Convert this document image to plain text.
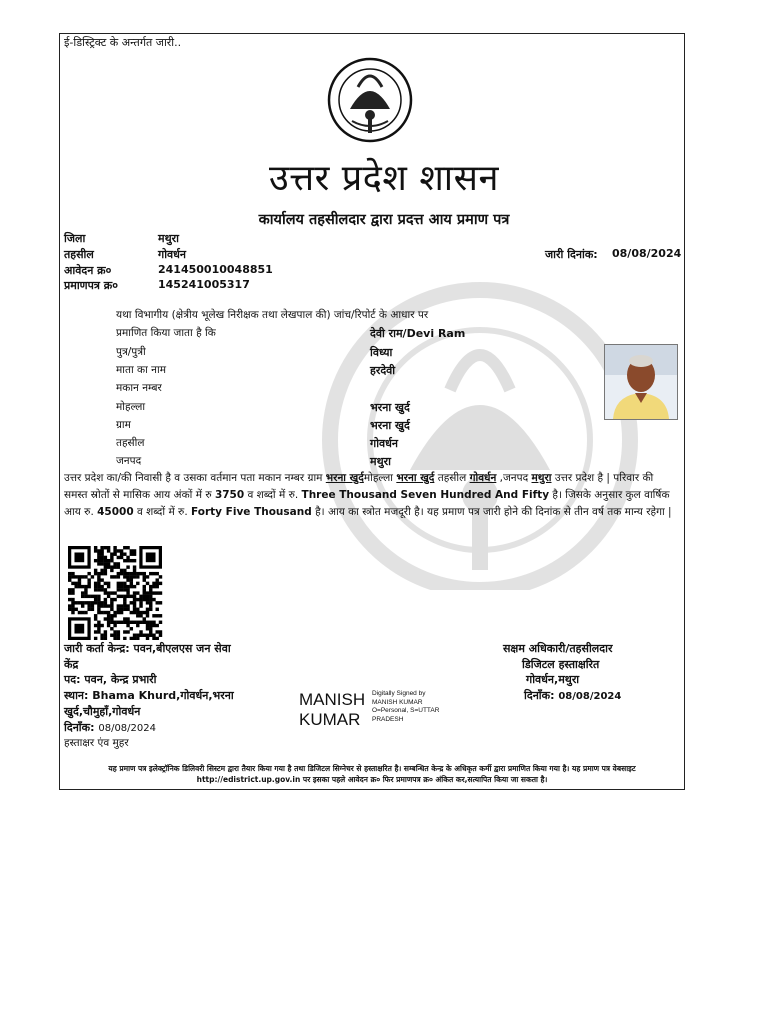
ई-डिस्ट्रिक्ट के अन्तर्गत जारी..
उत्तर प्रदेश शासन
कार्यालय तहसीलदार द्वारा प्रदत्त आय प्रमाण पत्र
जिला	मथुरा
तहसील	गोवर्धन
आवेदन क्र०	241450010048851
प्रमाणपत्र क्र०	145241005317
जारी दिनांक: 08/08/2024
यथा विभागीय (क्षेत्रीय भूलेख निरीक्षक तथा लेखपाल की) जांच/रिपोर्ट के आधार पर
प्रमाणित किया जाता है कि	देवी राम/Devi Ram
पुत्र/पुत्री	विध्या
माता का नाम	हरदेवी
मकान नम्बर
मोहल्ला	भरना खुर्द
ग्राम	भरना खुर्द
तहसील	गोवर्धन
जनपद	मथुरा
उत्तर प्रदेश का/की निवासी है व उसका वर्तमान पता मकान नम्बर ग्राम भरना खुर्दमोहल्ला भरना खुर्द तहसील गोवर्धन ,जनपद मथुरा उत्तर प्रदेश है | परिवार की समस्त स्रोतों से मासिक आय अंकों में रु 3750 व शब्दों में रु. Three Thousand Seven Hundred And Fifty है। जिसके अनुसार कुल वार्षिक आय रु. 45000 व शब्दों में रु. Forty Five Thousand है। आय का स्त्रोत मजदूरी है। यह प्रमाण पत्र जारी होने की दिनांक से तीन वर्ष तक मान्य रहेगा |
जारी कर्ता केन्द्र: पवन,बीएलएस जन सेवा
केंद्र
पद: पवन, केन्द्र प्रभारी
स्थान: Bhama Khurd,गोवर्धन,भरना
खुर्द,चौमुहाँ,गोवर्धन
दिनाँक: 08/08/2024
हस्ताक्षर एंव मुहर
सक्षम अधिकारी/तहसीलदार
डिजिटल हस्ताक्षरित
गोवर्धन,मथुरा
दिनाँक: 08/08/2024
MANISH
KUMAR
Digitally Signed by
MANISH KUMAR
O=Personal, S=UTTAR
PRADESH
यह प्रमाण पत्र इलेक्ट्रॉनिक डिलिवरी सिस्टम द्वारा तैयार किया गया है तथा डिजिटल सिग्नेचर से हस्ताक्षरित है। सम्बन्धित केन्द्र के अधिकृत कर्मी द्वारा प्रमाणित किया गया है। यह प्रमाण पत्र वेबसाइट http://edistrict.up.gov.in पर इसका पहले आवेदन क्र० फिर प्रमाणपत्र क्र० अंकित कर,सत्यापित किया जा सकता है।
